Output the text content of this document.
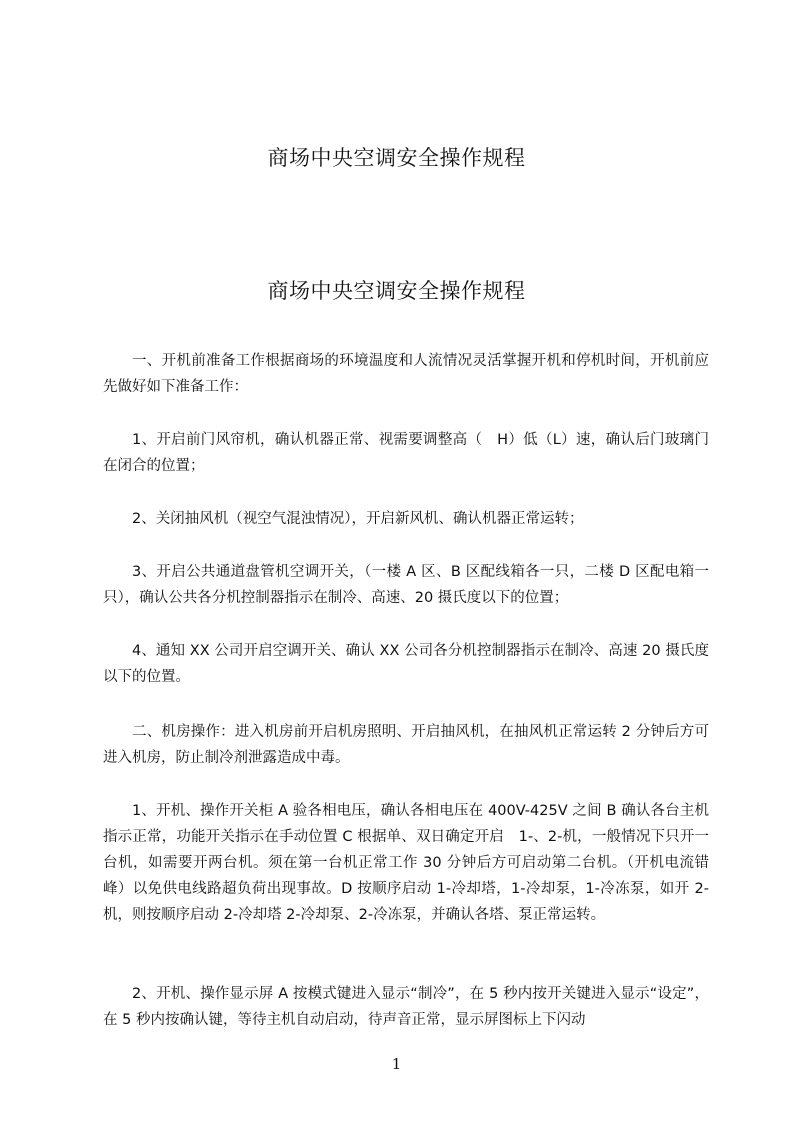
商场中央空调安全操作规程
商场中央空调安全操作规程

一、开机前准备工作根据商场的环境温度和人流情况灵活掌握开机和停机时间，开机前应先做好如下准备工作：

1、开启前门风帘机，确认机器正常、视需要调整高（　H）低（L）速，确认后门玻璃门在闭合的位置；

2、关闭抽风机（视空气混浊情况），开启新风机、确认机器正常运转；

3、开启公共通道盘管机空调开关，（一楼 A 区、B 区配线箱各一只，二楼 D 区配电箱一只），确认公共各分机控制器指示在制冷、高速、20 摄氏度以下的位置；

4、通知 XX 公司开启空调开关、确认 XX 公司各分机控制器指示在制冷、高速 20 摄氏度以下的位置。

二、机房操作：进入机房前开启机房照明、开启抽风机，在抽风机正常运转 2 分钟后方可进入机房，防止制冷剂泄露造成中毒。

1、开机、操作开关柜 A 验各相电压，确认各相电压在 400V-425V 之间 B 确认各台主机指示正常，功能开关指示在手动位置 C 根据单、双日确定开启　1-、2-机，一般情况下只开一台机，如需要开两台机。须在第一台机正常工作 30 分钟后方可启动第二台机。（开机电流错峰）以免供电线路超负荷出现事故。D 按顺序启动 1-冷却塔，1-冷却泵，1-冷冻泵，如开 2-机，则按顺序启动 2-冷却塔 2-冷却泵、2-冷冻泵，并确认各塔、泵正常运转。

2、开机、操作显示屏 A 按模式键进入显示“制冷”，在 5 秒内按开关键进入显示“设定”，在 5 秒内按确认键，等待主机自动启动，待声音正常，显示屏图标上下闪动

1
